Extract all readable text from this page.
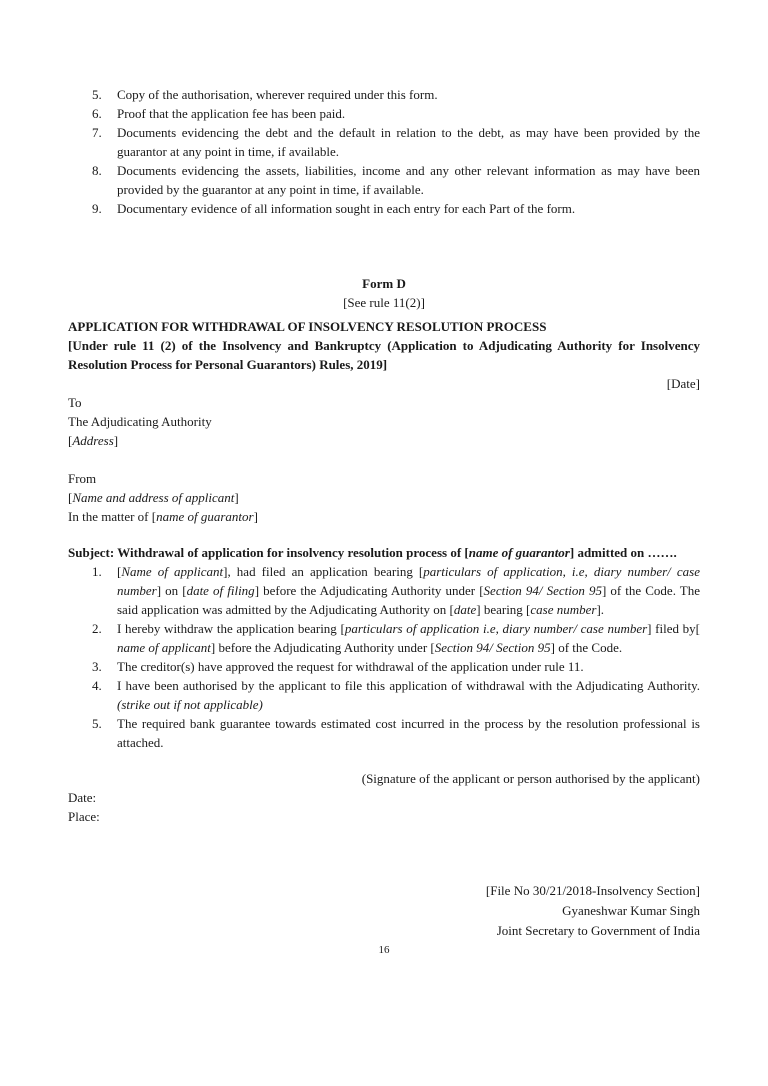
5.	Copy of the authorisation, wherever required under this form.
6.	Proof that the application fee has been paid.
7.	Documents evidencing the debt and the default in relation to the debt, as may have been provided by the guarantor at any point in time, if available.
8.	Documents evidencing the assets, liabilities, income and any other relevant information as may have been provided by the guarantor at any point in time, if available.
9.	Documentary evidence of all information sought in each entry for each Part of the form.
Form D
[See rule 11(2)]
APPLICATION FOR WITHDRAWAL OF INSOLVENCY RESOLUTION PROCESS
[Under rule 11 (2) of the Insolvency and Bankruptcy (Application to Adjudicating Authority for Insolvency Resolution Process for Personal Guarantors) Rules, 2019]
[Date]
To
The Adjudicating Authority
[Address]
From
[Name and address of applicant]
In the matter of [name of guarantor]
Subject: Withdrawal of application for insolvency resolution process of [name of guarantor] admitted on …….
1.	[Name of applicant], had filed an application bearing [particulars of application, i.e, diary number/ case number] on [date of filing] before the Adjudicating Authority under [Section 94/ Section 95] of the Code. The said application was admitted by the Adjudicating Authority on [date] bearing [case number].
2.	I hereby withdraw the application bearing [particulars of application i.e, diary number/ case number] filed by[ name of applicant] before the Adjudicating Authority under [Section 94/ Section 95] of the Code.
3.	The creditor(s) have approved the request for withdrawal of the application under rule 11.
4.	I have been authorised by the applicant to file this application of withdrawal with the Adjudicating Authority.(strike out if not applicable)
5.	The required bank guarantee towards estimated cost incurred in the process by the resolution professional is attached.
(Signature of the applicant or person authorised by the applicant)
Date:
Place:
[File No 30/21/2018-Insolvency Section]
Gyaneshwar Kumar Singh
Joint Secretary to Government of India
16
